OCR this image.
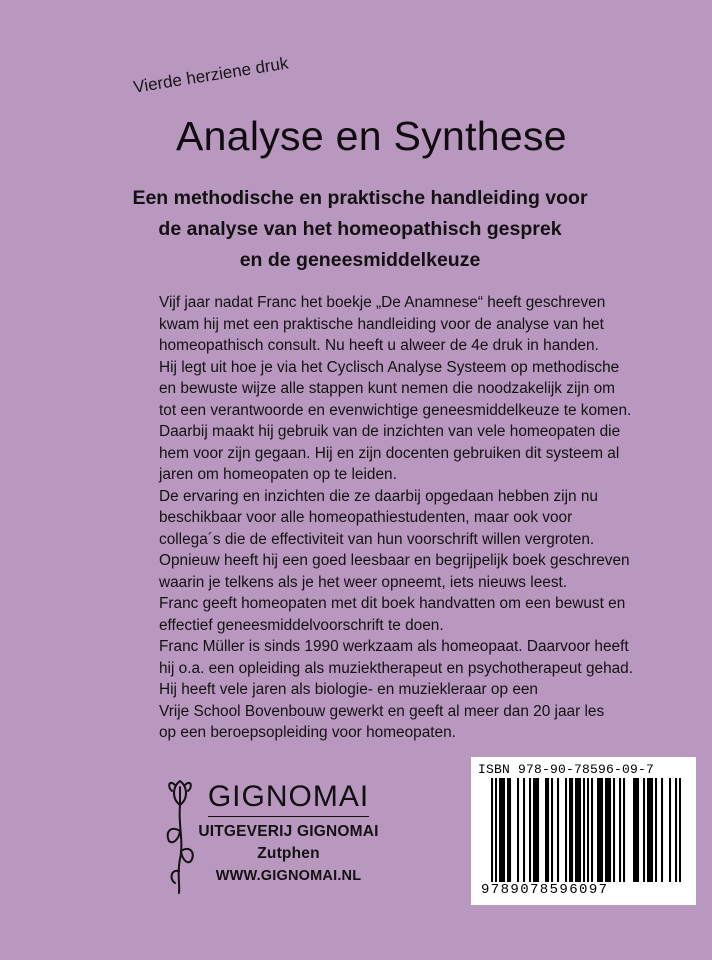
Vierde herziene druk
Analyse en Synthese
Een methodische en praktische handleiding voor
de analyse van het homeopathisch gesprek
en de geneesmiddelkeuze

Vijf jaar nadat Franc het boekje „De Anamnese“ heeft geschreven

kwam hij met een praktische handleiding voor de analyse van het

homeopathisch consult. Nu heeft u alweer de 4e druk in handen.

Hij legt uit hoe je via het Cyclisch Analyse Systeem op methodische

en bewuste wijze alle stappen kunt nemen die noodzakelijk zijn om

tot een verantwoorde en evenwichtige geneesmiddelkeuze te komen.

Daarbij maakt hij gebruik van de inzichten van vele homeopaten die

hem voor zijn gegaan. Hij en zijn docenten gebruiken dit systeem al

jaren om homeopaten op te leiden.

De ervaring en inzichten die ze daarbij opgedaan hebben zijn nu

beschikbaar voor alle homeopathiestudenten, maar ook voor

collega´s die de effectiviteit van hun voorschrift willen vergroten.

Opnieuw heeft hij een goed leesbaar en begrijpelijk boek geschreven

waarin je telkens als je het weer opneemt, iets nieuws leest.

Franc geeft homeopaten met dit boek handvatten om een bewust en

effectief geneesmiddelvoorschrift te doen.

Franc Müller is sinds 1990 werkzaam als homeopaat. Daarvoor heeft

hij o.a. een opleiding als muziektherapeut en psychotherapeut gehad.

Hij heeft vele jaren als biologie- en muziekleraar op een

Vrije School Bovenbouw gewerkt en geeft al meer dan 20 jaar les

op een beroepsopleiding voor homeopaten.

GIGNOMAI
UITGEVERIJ GIGNOMAI
Zutphen
WWW.GIGNOMAI.NL
ISBN 978-90-78596-09-7
9789078596097
